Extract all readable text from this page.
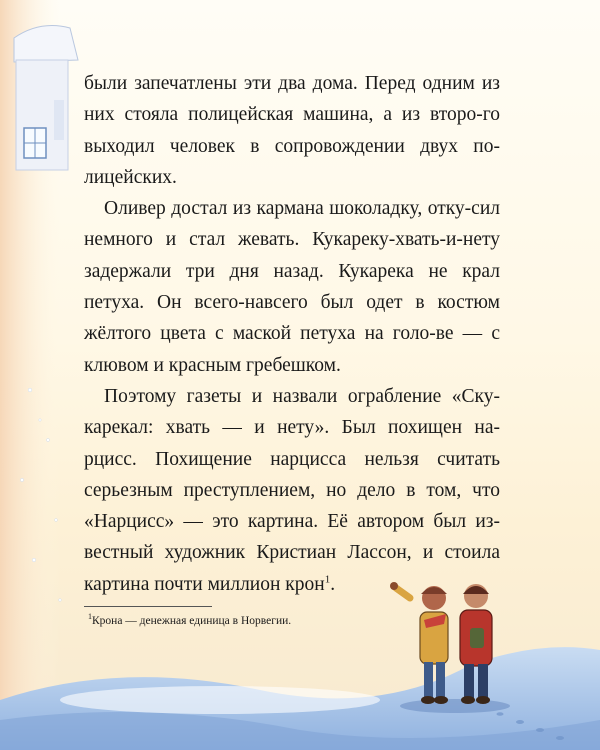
были запечатлены эти два дома. Перед одним из них стояла полицейская машина, а из второ-го выходил человек в сопровождении двух по-лицейских.

Оливер достал из кармана шоколадку, отку-сил немного и стал жевать. Кукареку-хвать-и-нету задержали три дня назад. Кукарека не крал петуха. Он всего-навсего был одет в костюм жёлтого цвета с маской петуха на голо-ве — с клювом и красным гребешком.

Поэтому газеты и назвали ограбление «Ску-карекал: хвать — и нету». Был похищен на-рцисс. Похищение нарцисса нельзя считать серьезным преступлением, но дело в том, что «Нарцисс» — это картина. Её автором был из-вестный художник Кристиан Лассон, и стоила картина почти миллион крон$^1$.

$^1$Крона — денежная единица в Норвегии.
